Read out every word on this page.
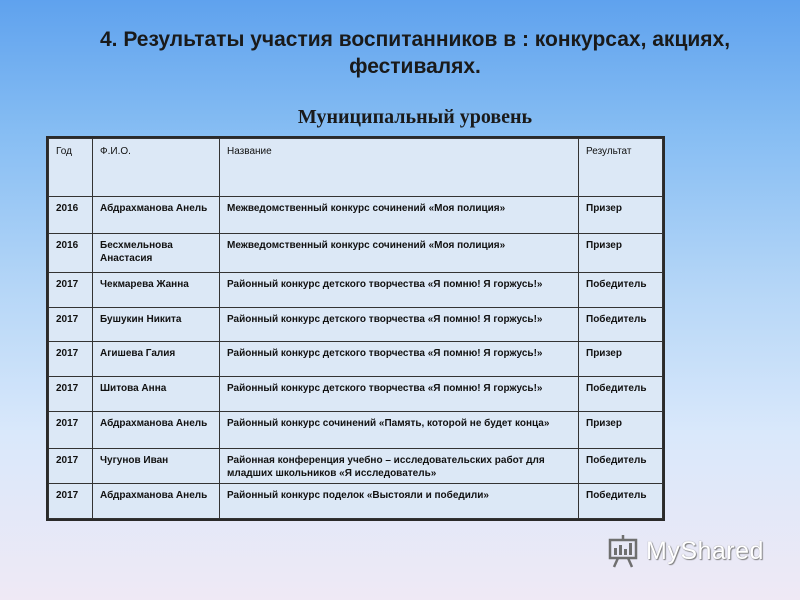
4. Результаты участия воспитанников в : конкурсах, акциях,
фестивалях.
Муниципальный уровень
Год	Ф.И.О.	Название	Результат
2016	Абдрахманова Анель	Межведомственный конкурс сочинений «Моя полиция»	Призер
2016	Бесхмельнова Анастасия	Межведомственный конкурс сочинений «Моя полиция»	Призер
2017	Чекмарева Жанна	Районный конкурс детского творчества «Я помню! Я горжусь!»	Победитель
2017	Бушукин Никита	Районный конкурс детского творчества «Я помню! Я горжусь!»	Победитель
2017	Агишева Галия	Районный конкурс детского творчества «Я помню! Я горжусь!»	Призер
2017	Шитова Анна	Районный конкурс детского творчества «Я помню! Я горжусь!»	Победитель
2017	Абдрахманова Анель	Районный конкурс сочинений «Память, которой не будет конца»	Призер
2017	Чугунов Иван	Районная конференция учебно – исследовательских работ для младших школьников «Я исследователь»	Победитель
2017	Абдрахманова Анель	Районный конкурс поделок «Выстояли и победили»	Победитель
MyShared
